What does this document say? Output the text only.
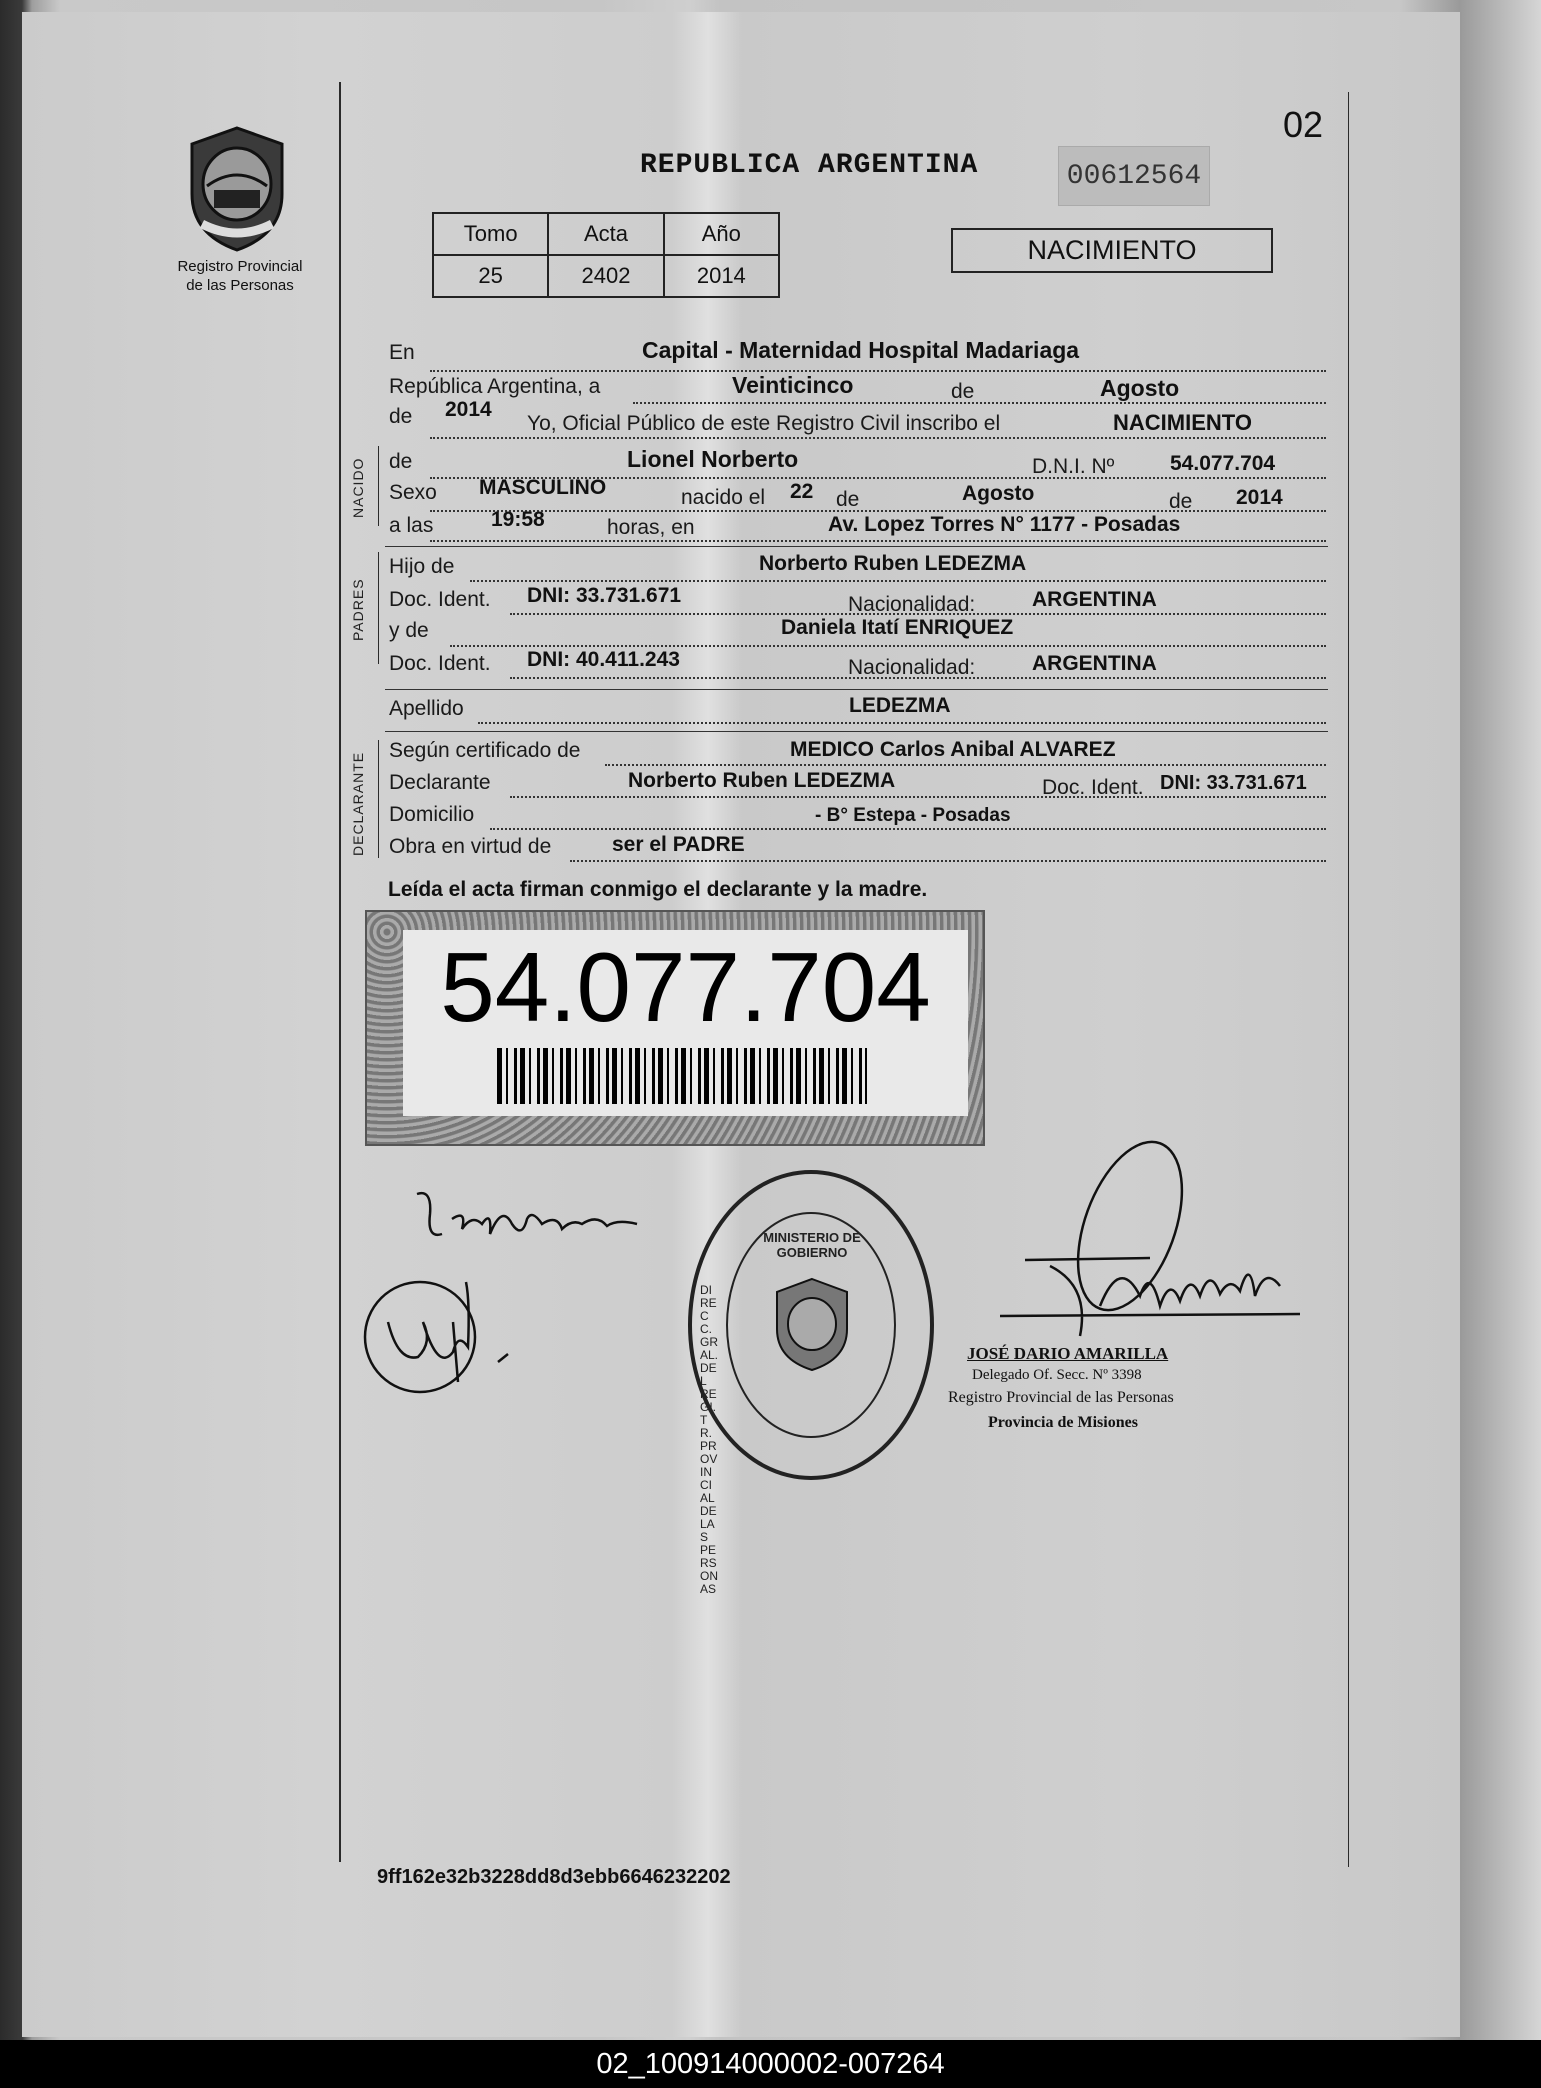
02
Registro Provincial
de las Personas
REPUBLICA ARGENTINA	00612564
Tomo	Acta	Año
25	2402	2014
NACIMIENTO
NACIDO
PADRES
DECLARANTE
En	Capital - Maternidad Hospital Madariaga
República Argentina, a	Veinticinco	de	Agosto
de 2014
Yo, Oficial Público de este Registro Civil inscribo el	NACIMIENTO
de	Lionel Norberto	D.N.I. Nº	54.077.704
Sexo MASCULINO	nacido el 22 de	Agosto	de 2014
a las	19:58	horas, en	Av. Lopez Torres N° 1177 - Posadas
Hijo de	Norberto Ruben LEDEZMA
Doc. Ident. DNI: 33.731.671	Nacionalidad:	ARGENTINA
y de	Daniela Itatí ENRIQUEZ
Doc. Ident. DNI: 40.411.243	Nacionalidad:	ARGENTINA
Apellido	LEDEZMA
Según certificado de	MEDICO Carlos Anibal ALVAREZ
Declarante	Norberto Ruben LEDEZMA	Doc. Ident. DNI: 33.731.671
Domicilio	- B° Estepa - Posadas
Obra en virtud de	ser el PADRE
Leída el acta firman conmigo el declarante y la madre.
54.077.704
DIRECC. GRAL. DEL REGI. TR. PROVINCIAL DE LAS PERSONAS
MINISTERIO DE GOBIERNO
JOSÉ DARIO AMARILLA
Delegado Of. Secc. Nº 3398
Registro Provincial de las Personas
Provincia de Misiones
9ff162e32b3228dd8d3ebb6646232202
02_100914000002-007264
